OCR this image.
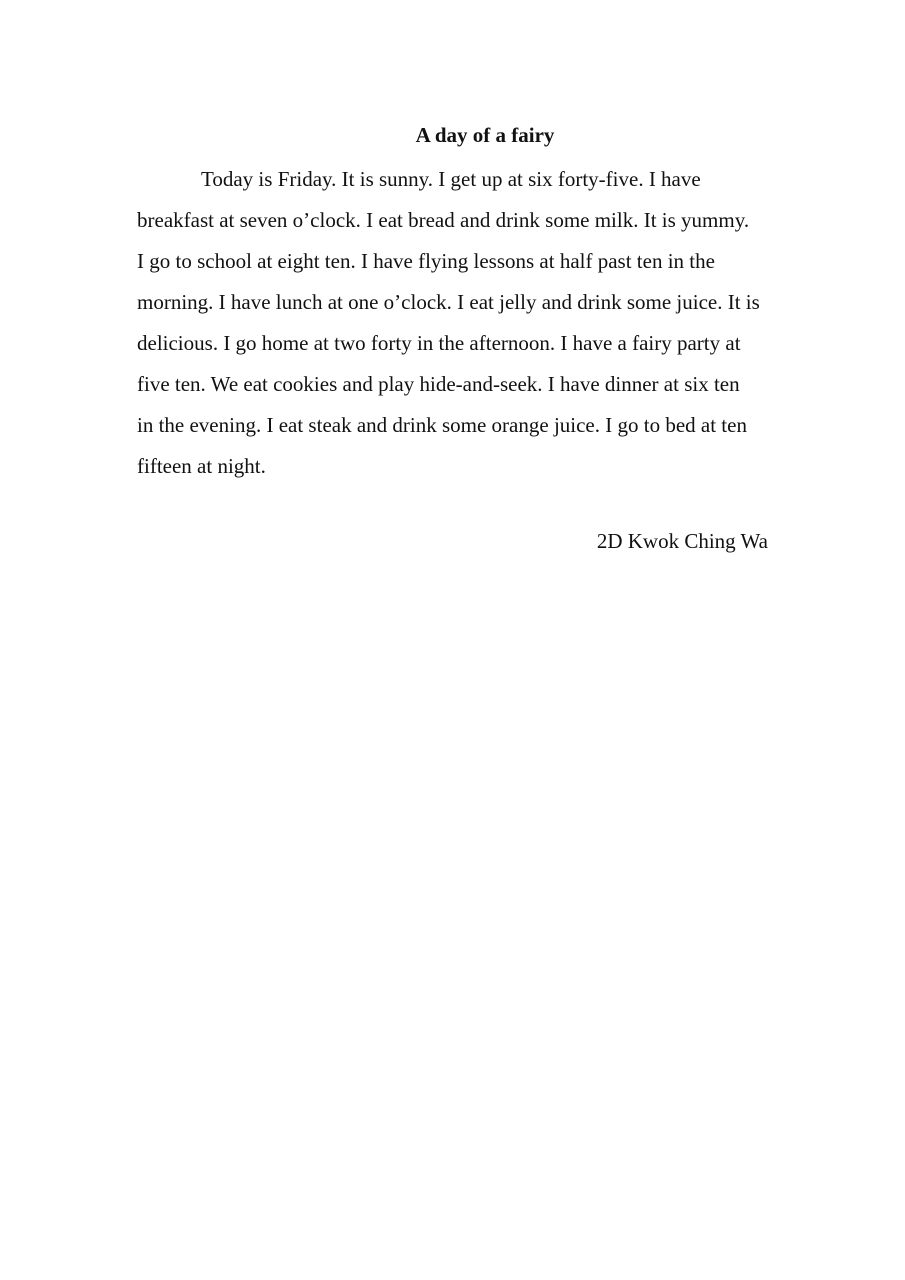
A day of a fairy
Today is Friday. It is sunny. I get up at six forty-five. I have
breakfast at seven o’clock. I eat bread and drink some milk. It is yummy.
I go to school at eight ten. I have flying lessons at half past ten in the
morning. I have lunch at one o’clock. I eat jelly and drink some juice. It is
delicious. I go home at two forty in the afternoon. I have a fairy party at
five ten. We eat cookies and play hide-and-seek. I have dinner at six ten
in the evening. I eat steak and drink some orange juice. I go to bed at ten
fifteen at night.

2D Kwok Ching Wa
